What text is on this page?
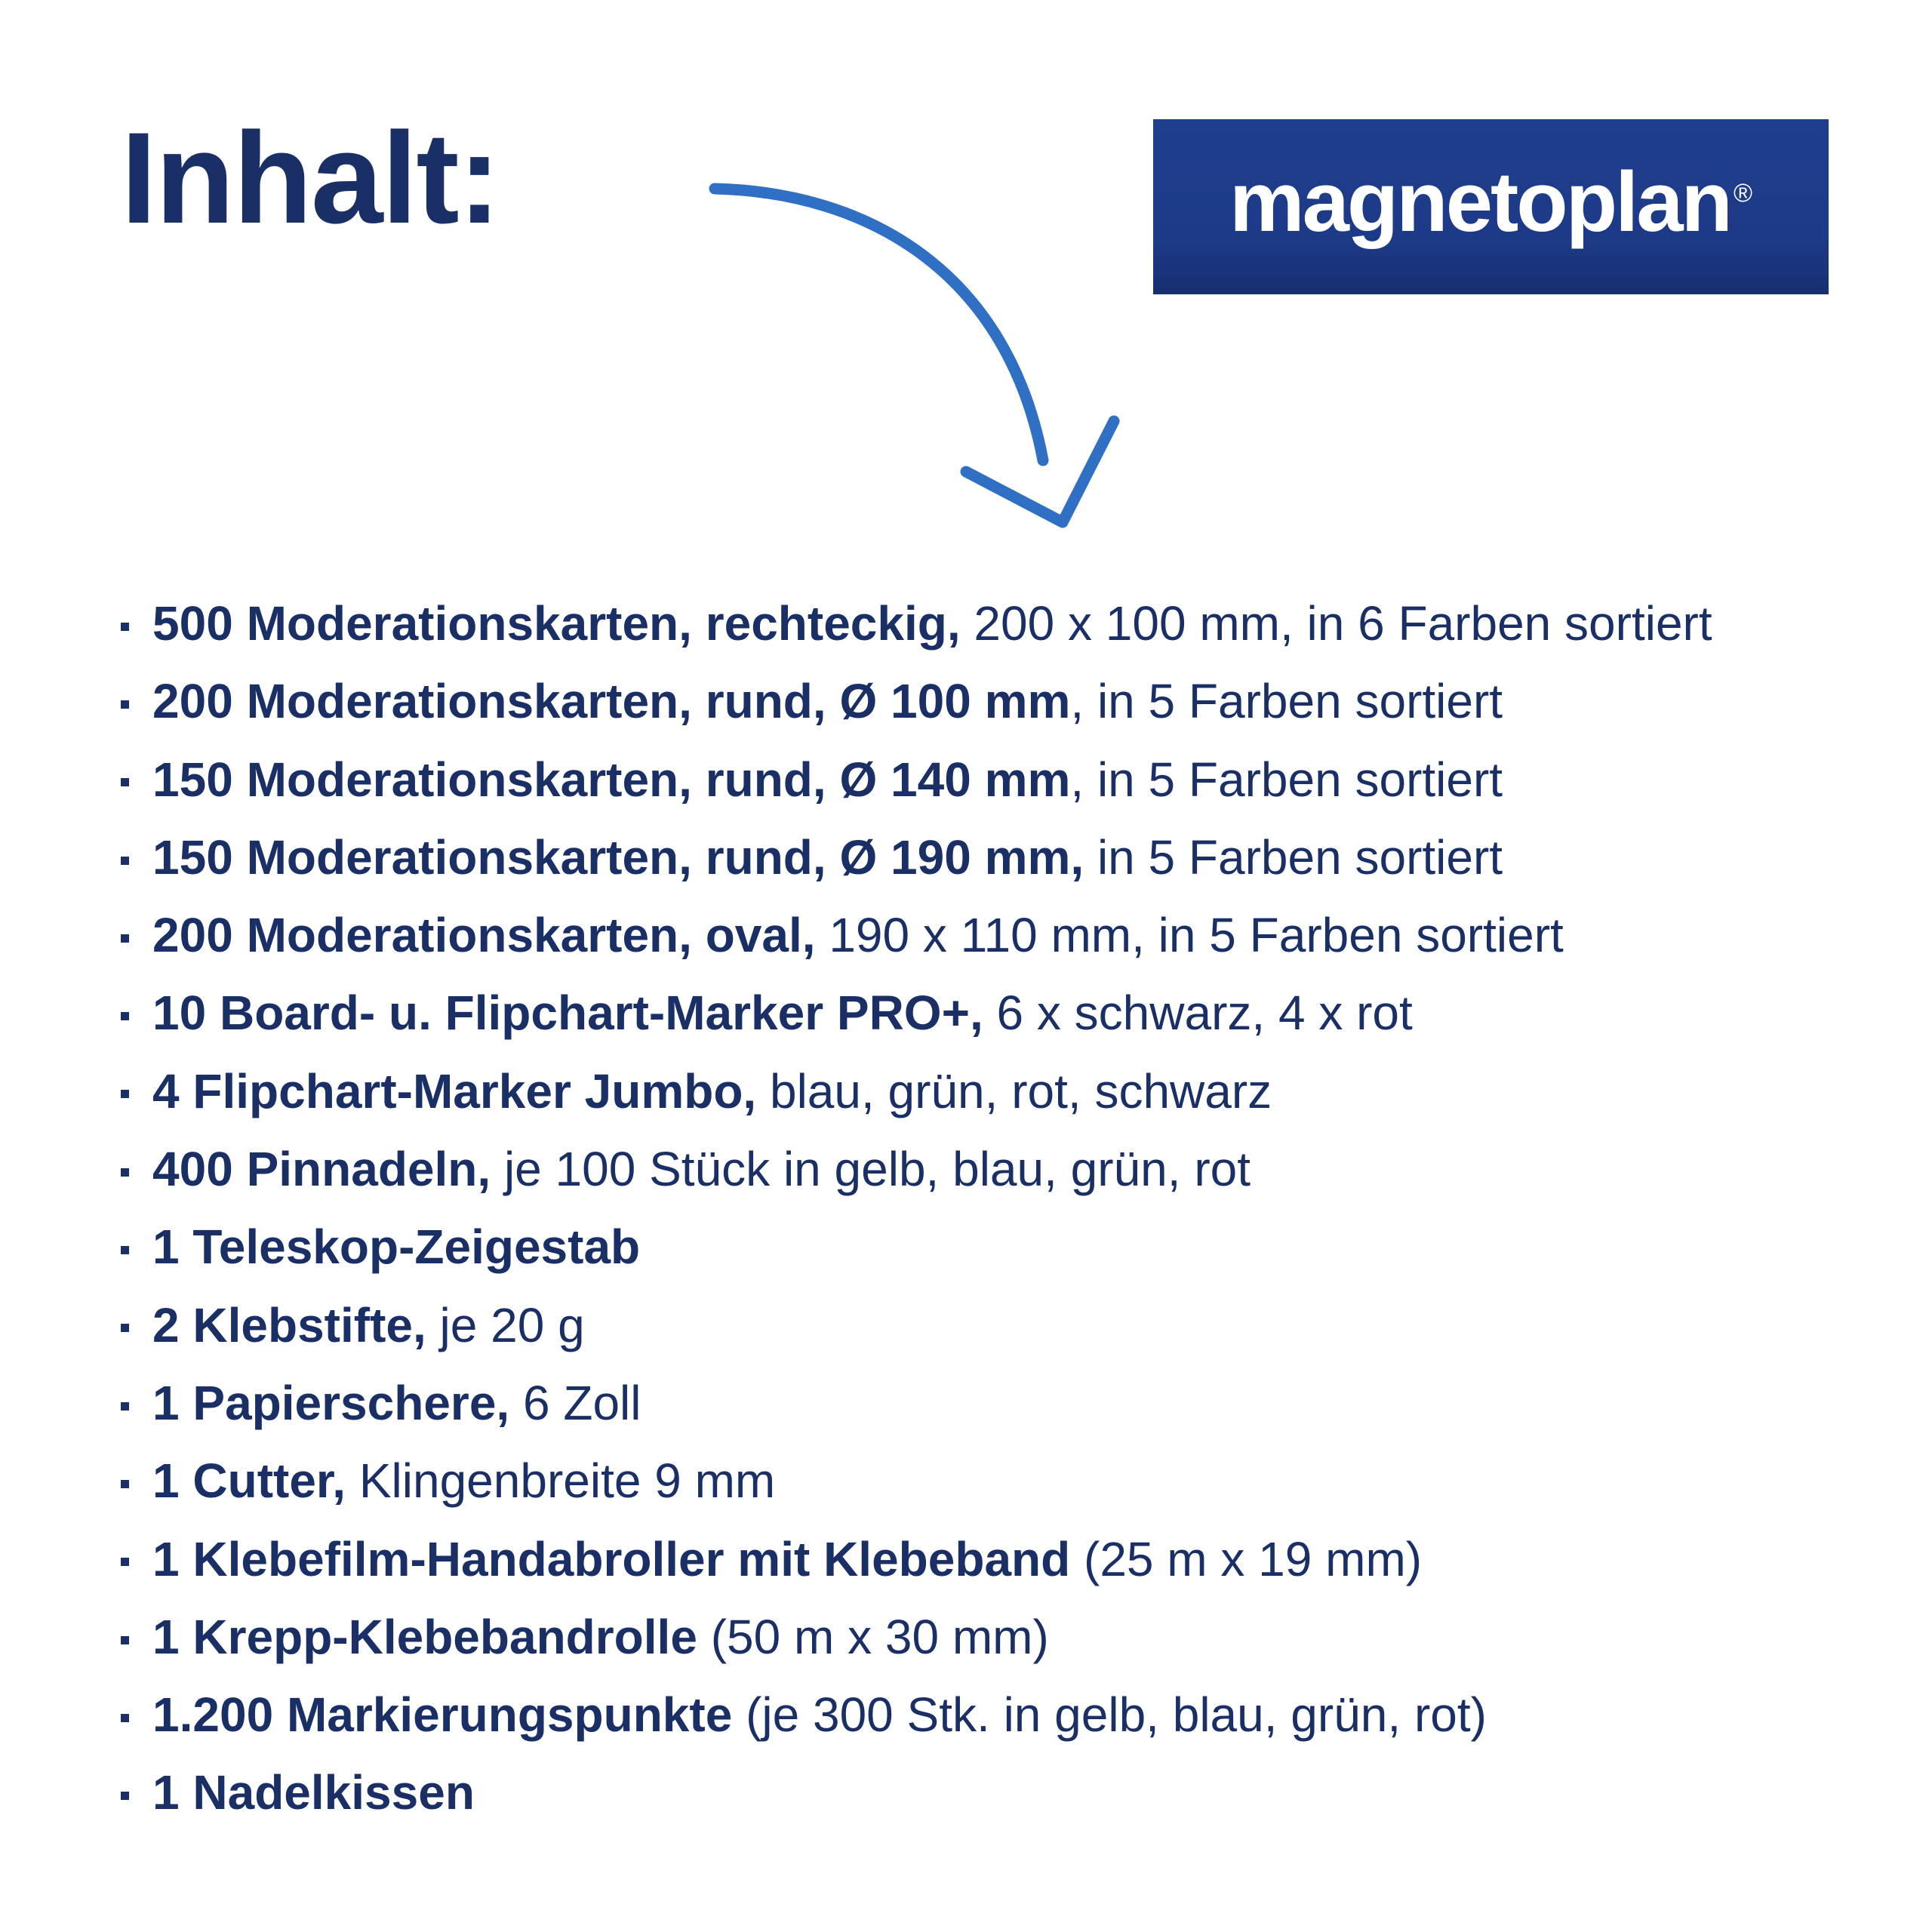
Inhalt:	magnetoplan ®
500 Moderationskarten, rechteckig, 200 x 100 mm, in 6 Farben sortiert
200 Moderationskarten, rund, Ø 100 mm, in 5 Farben sortiert
150 Moderationskarten, rund, Ø 140 mm, in 5 Farben sortiert
150 Moderationskarten, rund, Ø 190 mm, in 5 Farben sortiert
200 Moderationskarten, oval, 190 x 110 mm, in 5 Farben sortiert
10 Board- u. Flipchart-Marker PRO+, 6 x schwarz, 4 x rot
4 Flipchart-Marker Jumbo, blau, grün, rot, schwarz
400 Pinnadeln, je 100 Stück in gelb, blau, grün, rot
1 Teleskop-Zeigestab
2 Klebstifte, je 20 g
1 Papierschere, 6 Zoll
1 Cutter, Klingenbreite 9 mm
1 Klebefilm-Handabroller mit Klebeband (25 m x 19 mm)
1 Krepp-Klebebandrolle (50 m x 30 mm)
1.200 Markierungspunkte (je 300 Stk. in gelb, blau, grün, rot)
1 Nadelkissen
